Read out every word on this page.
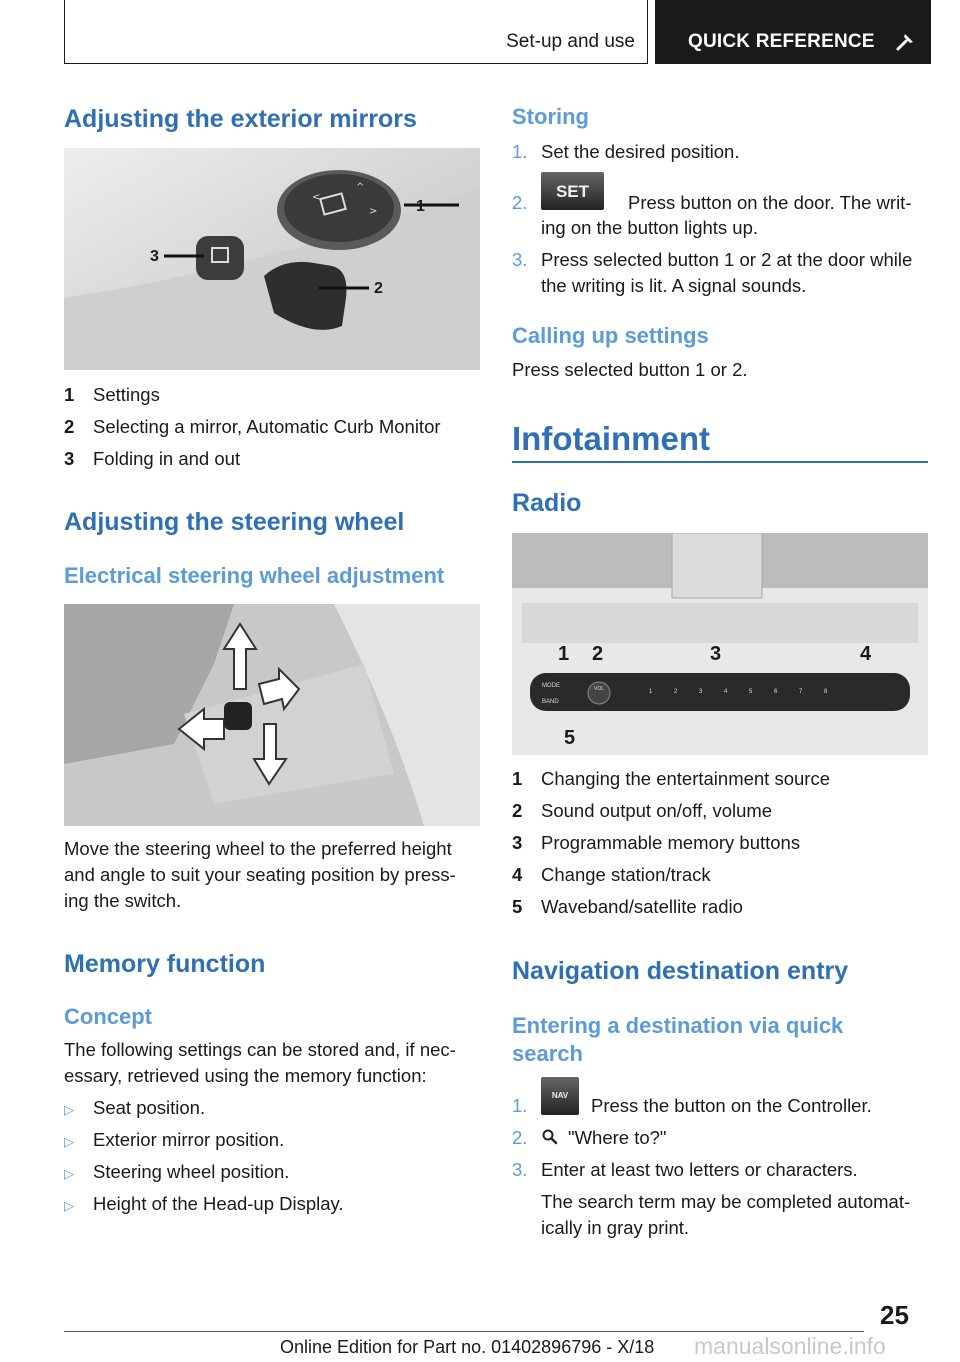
Set-up and use	QUICK REFERENCE
Adjusting the exterior mirrors
^
<
> 1
2
3
1 Settings
2 Selecting a mirror, Automatic Curb Monitor
3 Folding in and out
Adjusting the steering wheel
Electrical steering wheel adjustment
Move the steering wheel to the preferred height
and angle to suit your seating position by press‐
ing the switch.
Memory function
Concept
The following settings can be stored and, if nec‐
essary, retrieved using the memory function:
▷ Seat position.
▷ Exterior mirror position.
▷ Steering wheel position.
▷ Height of the Head-up Display.
Storing
1. Set the desired position.
2.
SET
Press button on the door. The writ‐
ing on the button lights up.
3. Press selected button 1 or 2 at the door while
the writing is lit. A signal sounds.
Calling up settings
Press selected button 1 or 2.
Infotainment
Radio
MODE
BAND
VOL	1	2	3	4	5	6	7	8
1 2	3	4
5
1 Changing the entertainment source
2 Sound output on/off, volume
3 Programmable memory buttons
4 Change station/track
5 Waveband/satellite radio
Navigation destination entry
Entering a destination via quick
search
1.	NAV	Press the button on the Controller.
2. "Where to?"
3. Enter at least two letters or characters.
The search term may be completed automat‐
ically in gray print.
25
Online Edition for Part no. 01402896796 - X/18 manualsonline.info
